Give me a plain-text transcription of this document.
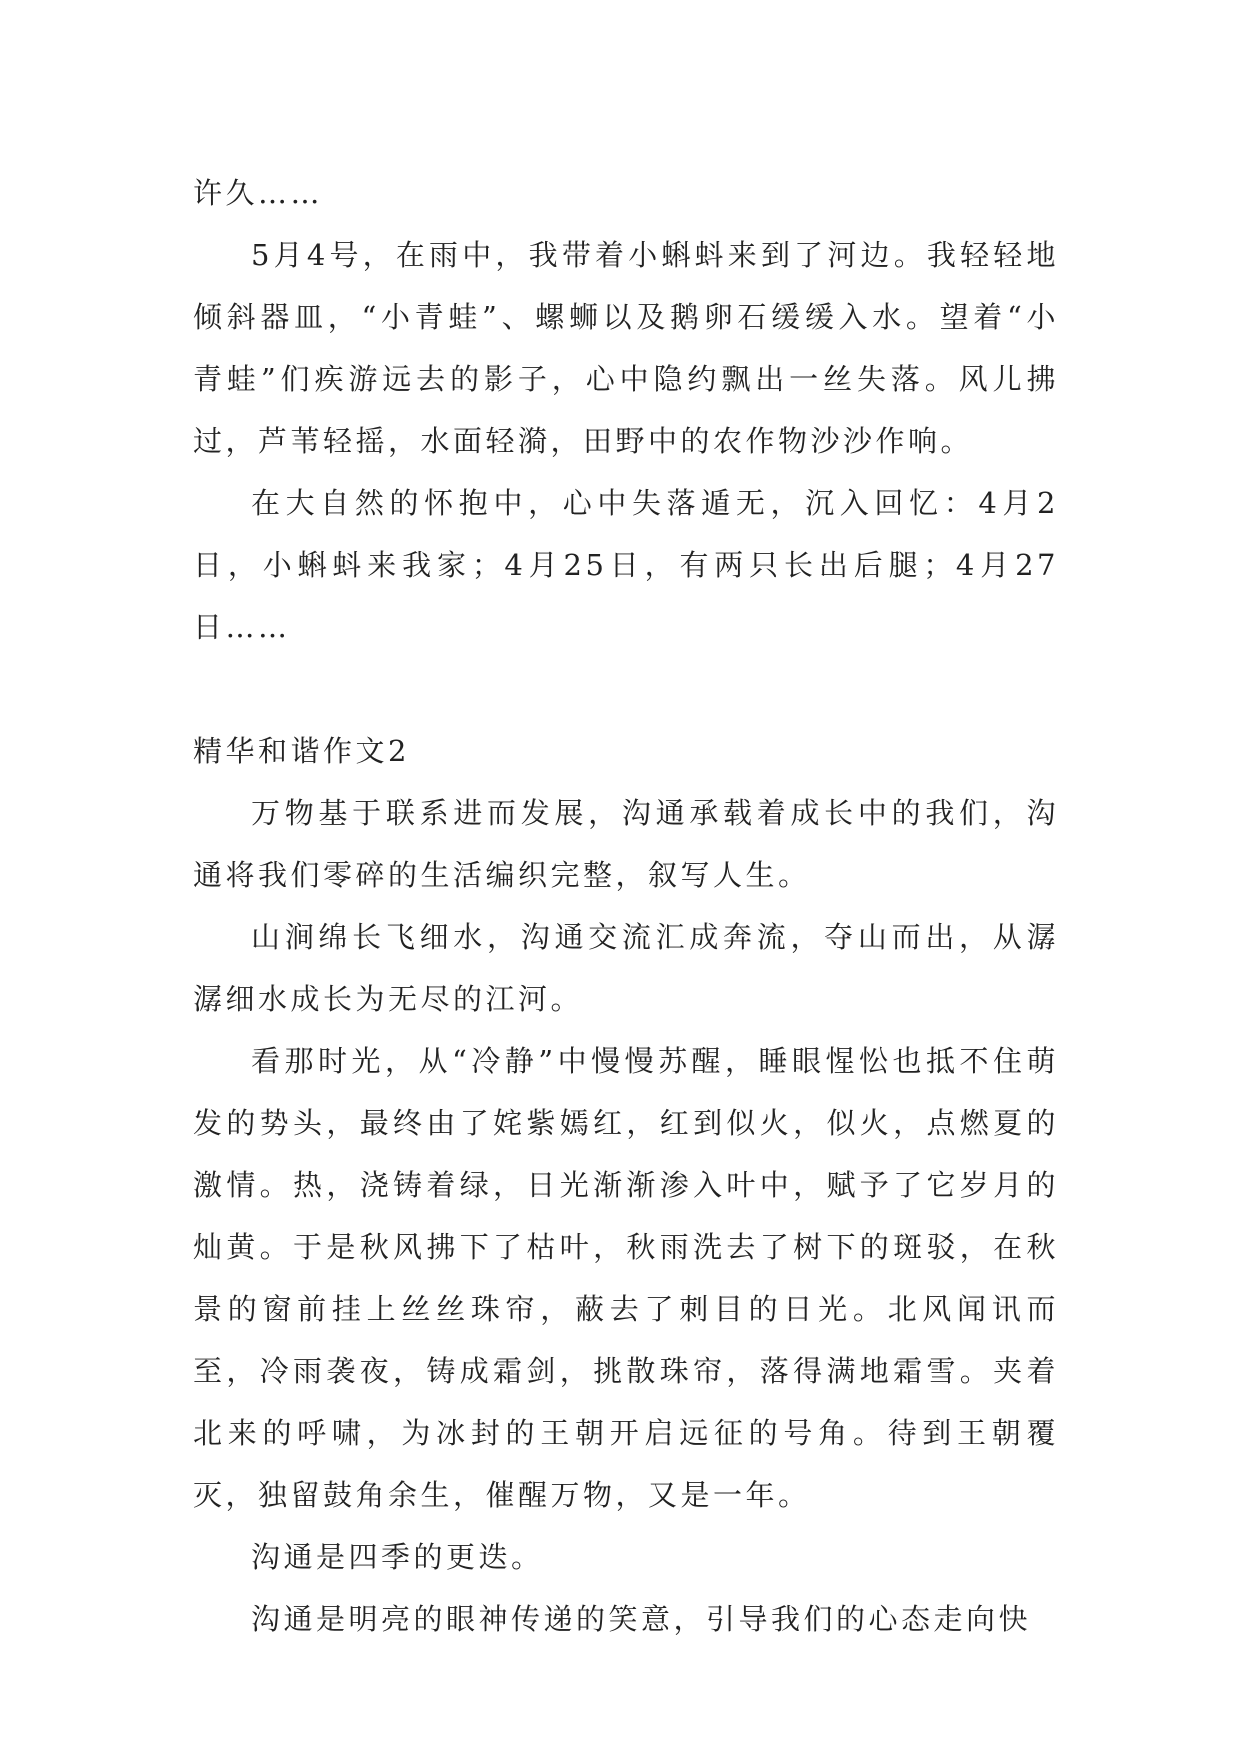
许久……

5月4号，在雨中，我带着小蝌蚪来到了河边。我轻轻地倾斜器皿，“小青蛙”、螺蛳以及鹅卵石缓缓入水。望着“小青蛙”们疾游远去的影子，心中隐约飘出一丝失落。风儿拂过，芦苇轻摇，水面轻漪，田野中的农作物沙沙作响。

在大自然的怀抱中，心中失落遁无，沉入回忆：4月2日，小蝌蚪来我家；4月25日，有两只长出后腿；4月27日……

精华和谐作文2

万物基于联系进而发展，沟通承载着成长中的我们，沟通将我们零碎的生活编织完整，叙写人生。

山涧绵长飞细水，沟通交流汇成奔流，夺山而出，从潺潺细水成长为无尽的江河。

看那时光，从“冷静”中慢慢苏醒，睡眼惺忪也抵不住萌发的势头，最终由了姹紫嫣红，红到似火，似火，点燃夏的激情。热，浇铸着绿，日光渐渐渗入叶中，赋予了它岁月的灿黄。于是秋风拂下了枯叶，秋雨洗去了树下的斑驳，在秋景的窗前挂上丝丝珠帘，蔽去了刺目的日光。北风闻讯而至，冷雨袭夜，铸成霜剑，挑散珠帘，落得满地霜雪。夹着北来的呼啸，为冰封的王朝开启远征的号角。待到王朝覆灭，独留鼓角余生，催醒万物，又是一年。

沟通是四季的更迭。

沟通是明亮的眼神传递的笑意，引导我们的心态走向快
